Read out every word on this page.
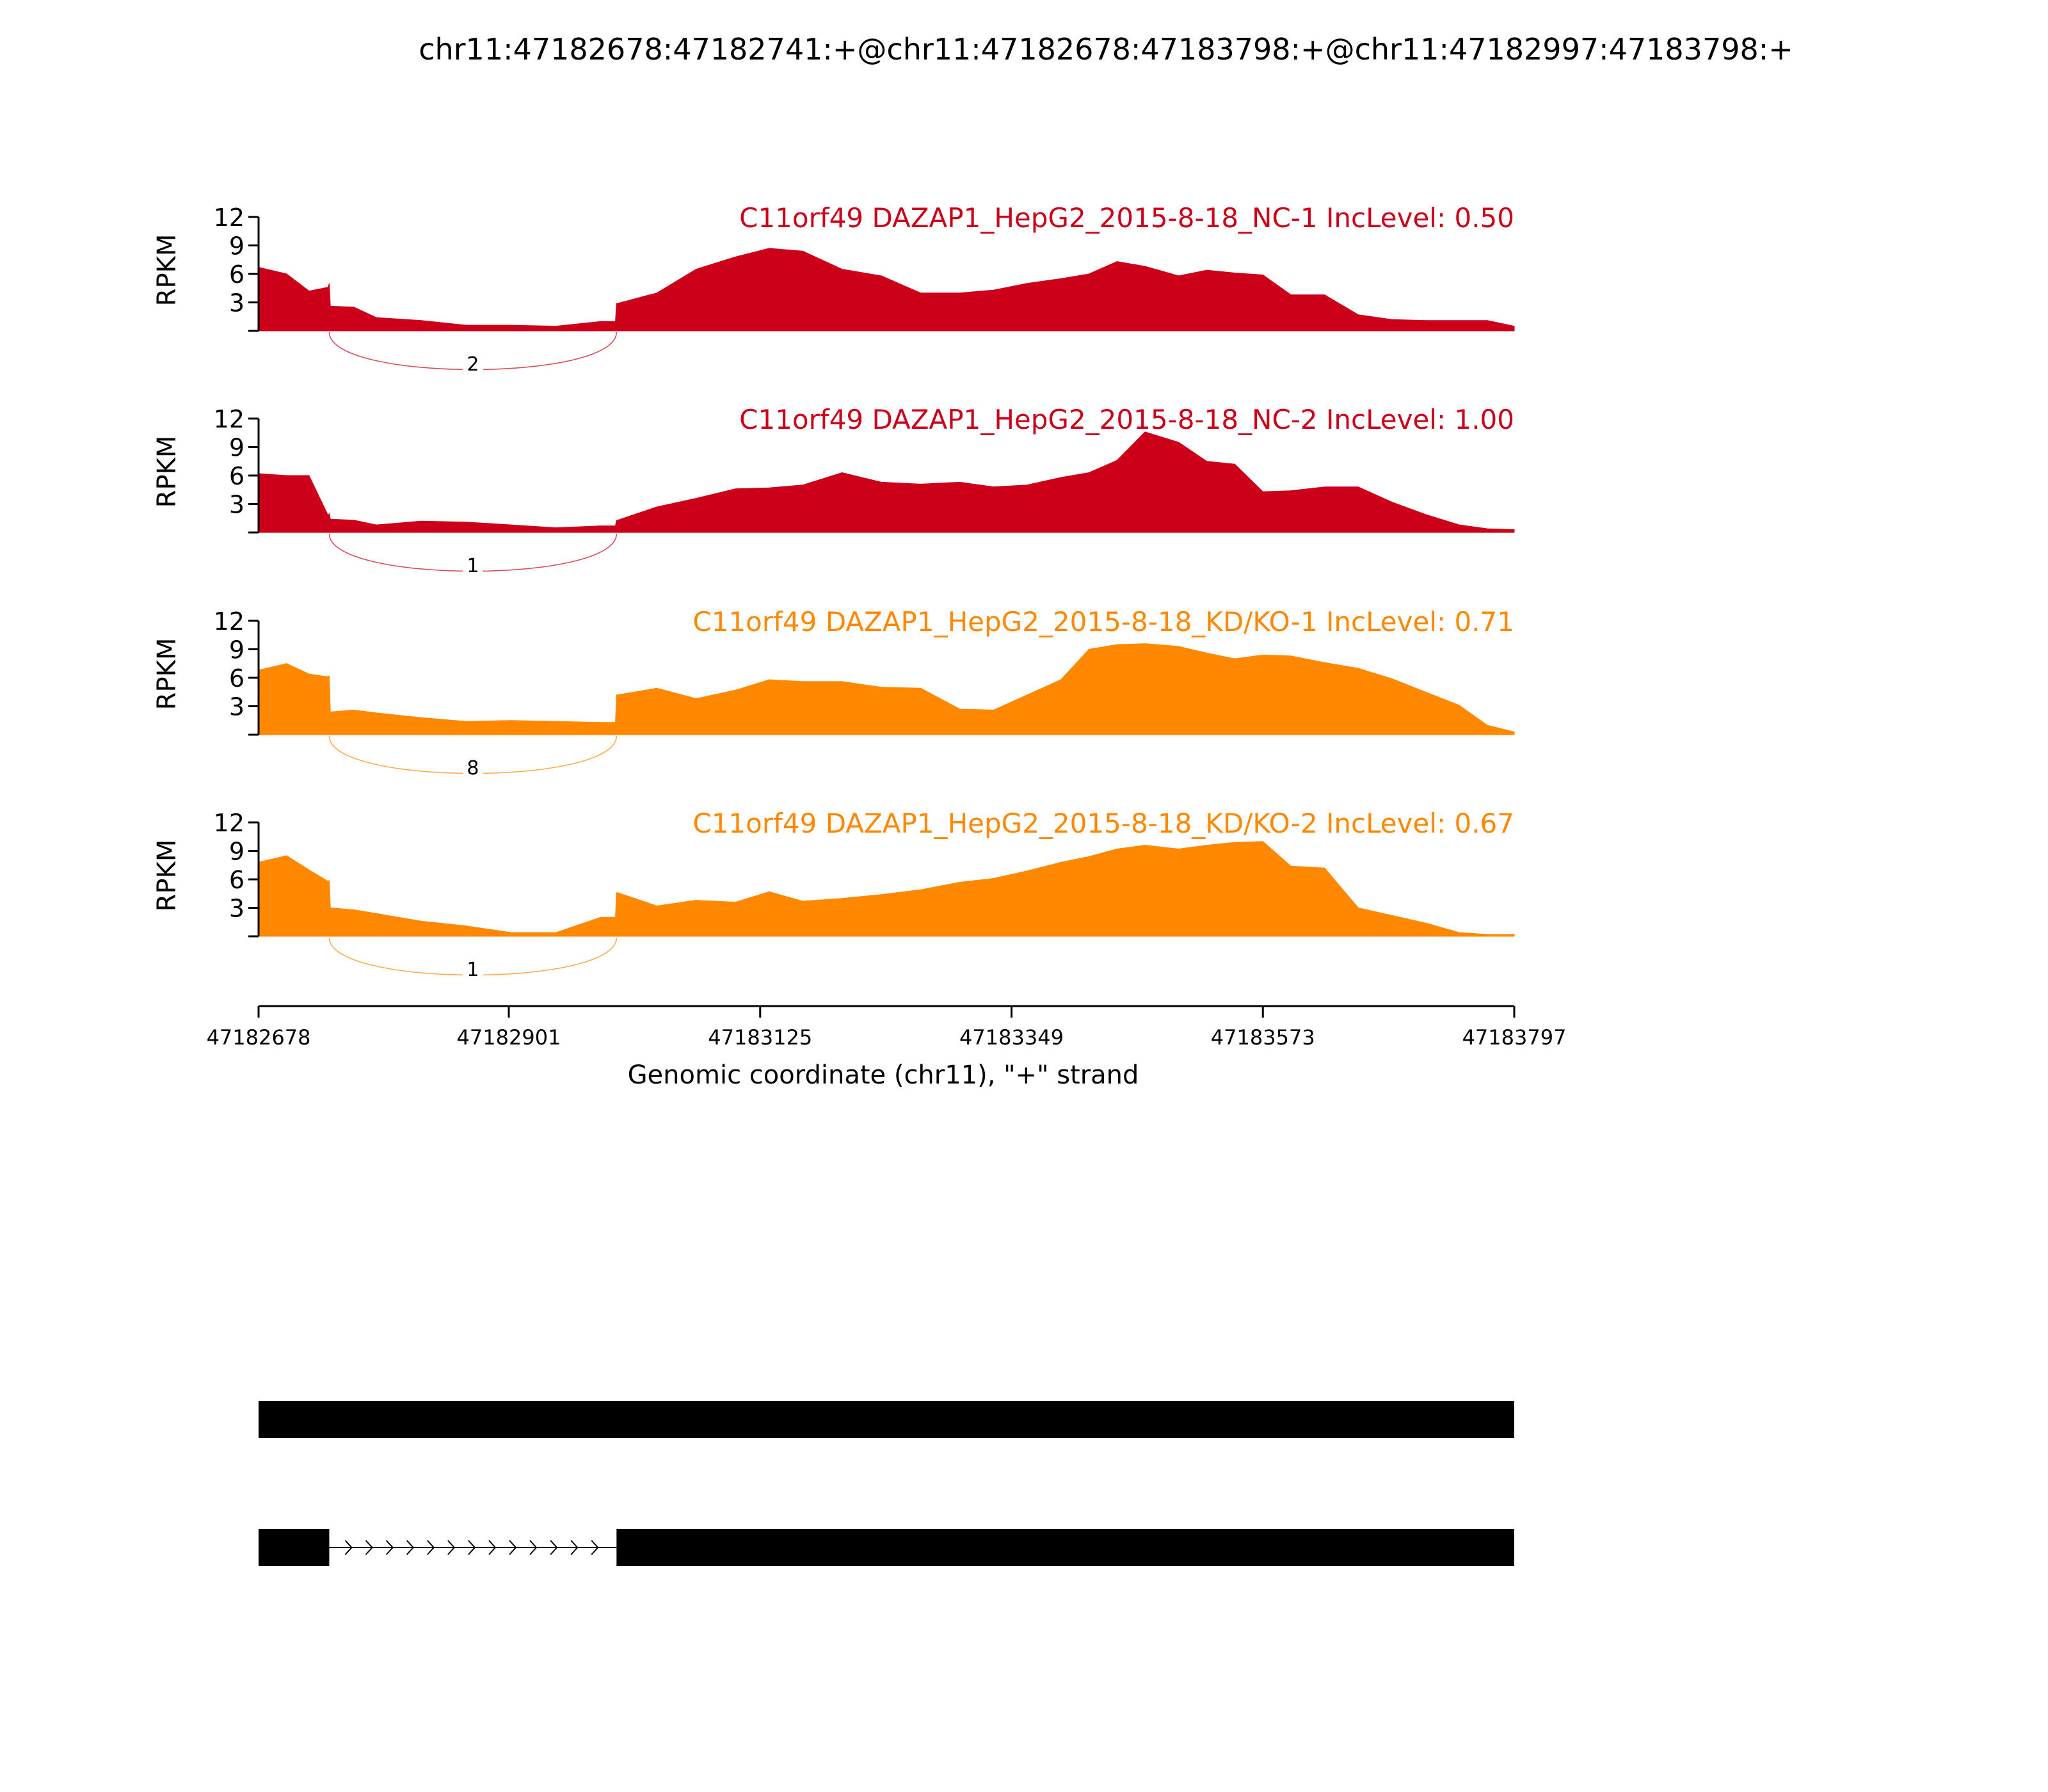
chr11:47182678:47182741:+@chr11:47182678:47183798:+@chr11:47182997:47183798:+
3
6
9
12
RPKM
C11orf49 DAZAP1_HepG2_2015-8-18_NC-1 IncLevel: 0.50
2
3
6
9
12
RPKM
C11orf49 DAZAP1_HepG2_2015-8-18_NC-2 IncLevel: 1.00
1
3
6
9
12
RPKM
C11orf49 DAZAP1_HepG2_2015-8-18_KD/KO-1 IncLevel: 0.71
8
3
6
9
12
RPKM
C11orf49 DAZAP1_HepG2_2015-8-18_KD/KO-2 IncLevel: 0.67
1
47182678	47182901	47183125	47183349	47183573	47183797
Genomic coordinate (chr11), "+" strand
